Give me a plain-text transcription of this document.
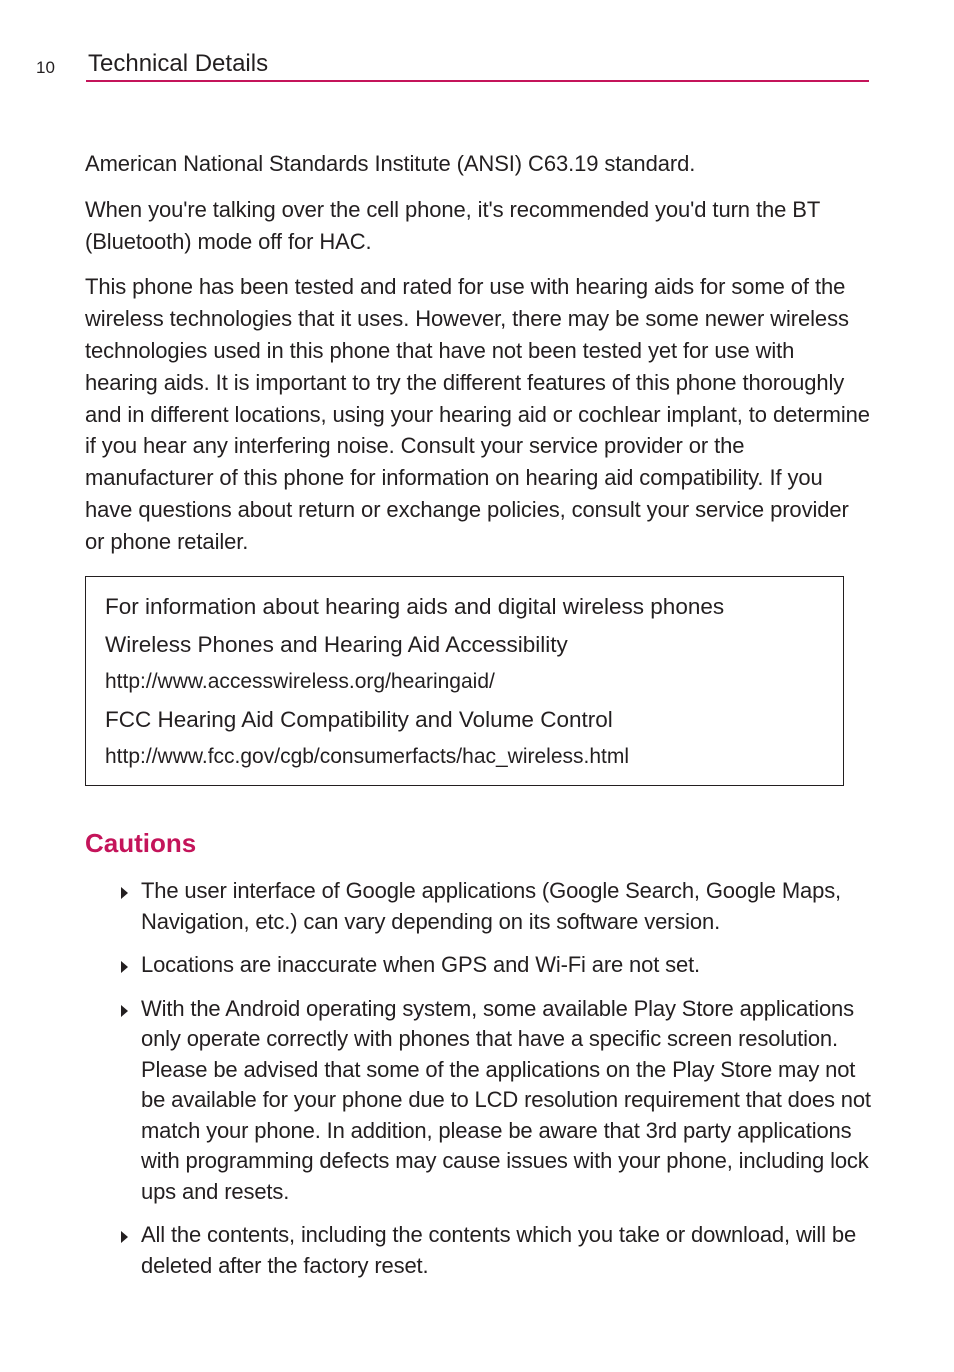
10 Technical Details

American National Standards Institute (ANSI) C63.19 standard.

When you're talking over the cell phone, it's recommended you'd turn the BT (Bluetooth) mode off for HAC.

This phone has been tested and rated for use with hearing aids for some of the wireless technologies that it uses. However, there may be some newer wireless technologies used in this phone that have not been tested yet for use with hearing aids. It is important to try the different features of this phone thoroughly and in different locations, using your hearing aid or cochlear implant, to determine if you hear any interfering noise. Consult your service provider or the manufacturer of this phone for information on hearing aid compatibility. If you have questions about return or exchange policies, consult your service provider or phone retailer.

For information about hearing aids and digital wireless phones

Wireless Phones and Hearing Aid Accessibility

http://www.accesswireless.org/hearingaid/

FCC Hearing Aid Compatibility and Volume Control

http://www.fcc.gov/cgb/consumerfacts/hac_wireless.html

Cautions
The user interface of Google applications (Google Search, Google Maps, Navigation, etc.) can vary depending on its software version.
Locations are inaccurate when GPS and Wi-Fi are not set.
With the Android operating system, some available Play Store applications only operate correctly with phones that have a specific screen resolution.
Please be advised that some of the applications on the Play Store may not be available for your phone due to LCD resolution requirement that does not match your phone. In addition, please be aware that 3rd party applications with programming defects may cause issues with your phone, including lock ups and resets.
All the contents, including the contents which you take or download, will be deleted after the factory reset.
